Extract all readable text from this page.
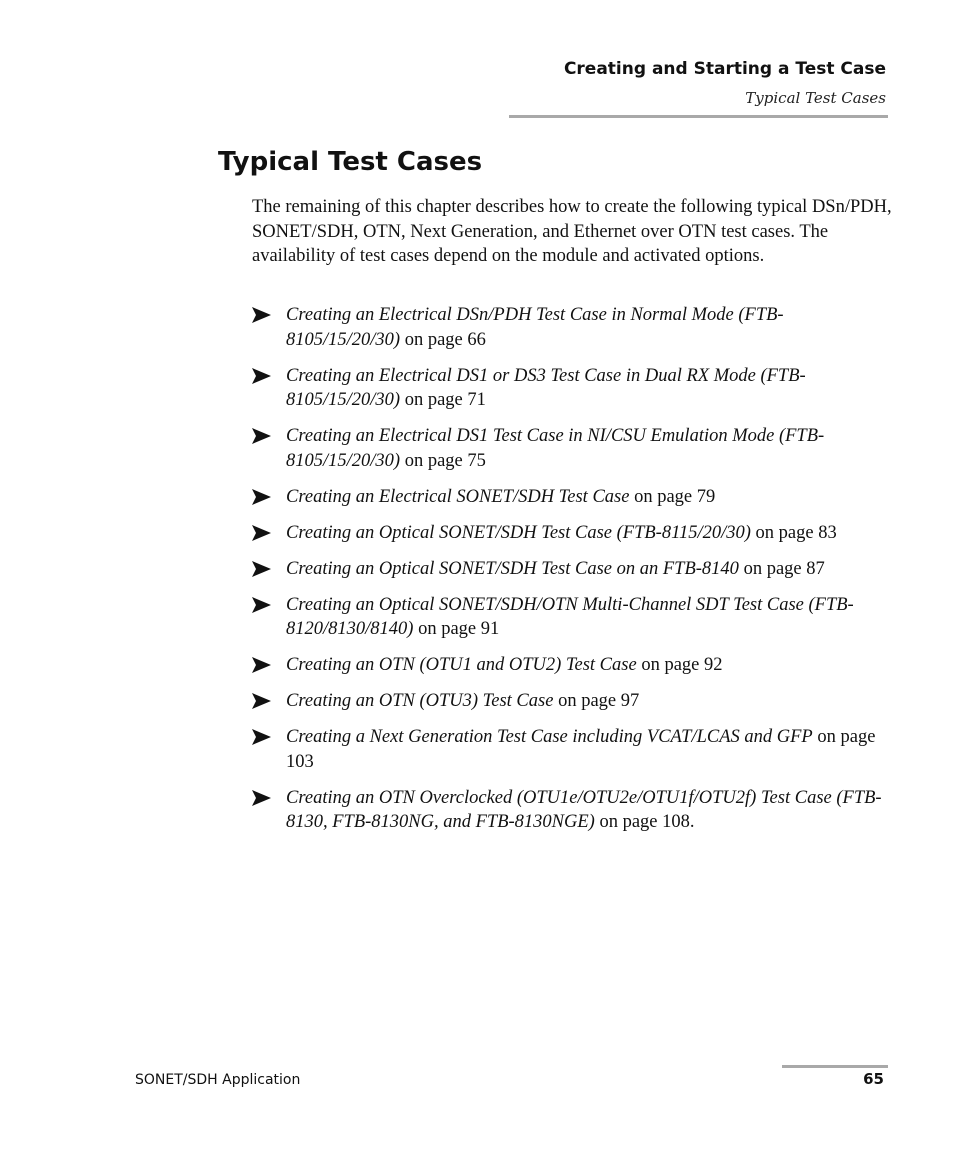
Creating and Starting a Test Case
Typical Test Cases
Typical Test Cases

The remaining of this chapter describes how to create the following typical DSn/PDH, SONET/SDH, OTN, Next Generation, and Ethernet over OTN test cases. The availability of test cases depend on the module and activated options.

Creating an Electrical DSn/PDH Test Case in Normal Mode (FTB-8105/15/20/30) on page 66
Creating an Electrical DS1 or DS3 Test Case in Dual RX Mode (FTB-8105/15/20/30) on page 71
Creating an Electrical DS1 Test Case in NI/CSU Emulation Mode (FTB-8105/15/20/30) on page 75
Creating an Electrical SONET/SDH Test Case on page 79
Creating an Optical SONET/SDH Test Case (FTB-8115/20/30) on page 83
Creating an Optical SONET/SDH Test Case on an FTB-8140 on page 87
Creating an Optical SONET/SDH/OTN Multi-Channel SDT Test Case (FTB-8120/8130/8140) on page 91
Creating an OTN (OTU1 and OTU2) Test Case on page 92
Creating an OTN (OTU3) Test Case on page 97
Creating a Next Generation Test Case including VCAT/LCAS and GFP on page 103
Creating an OTN Overclocked (OTU1e/OTU2e/OTU1f/OTU2f) Test Case (FTB-8130, FTB-8130NG, and FTB-8130NGE) on page 108.
SONET/SDH Application	65
